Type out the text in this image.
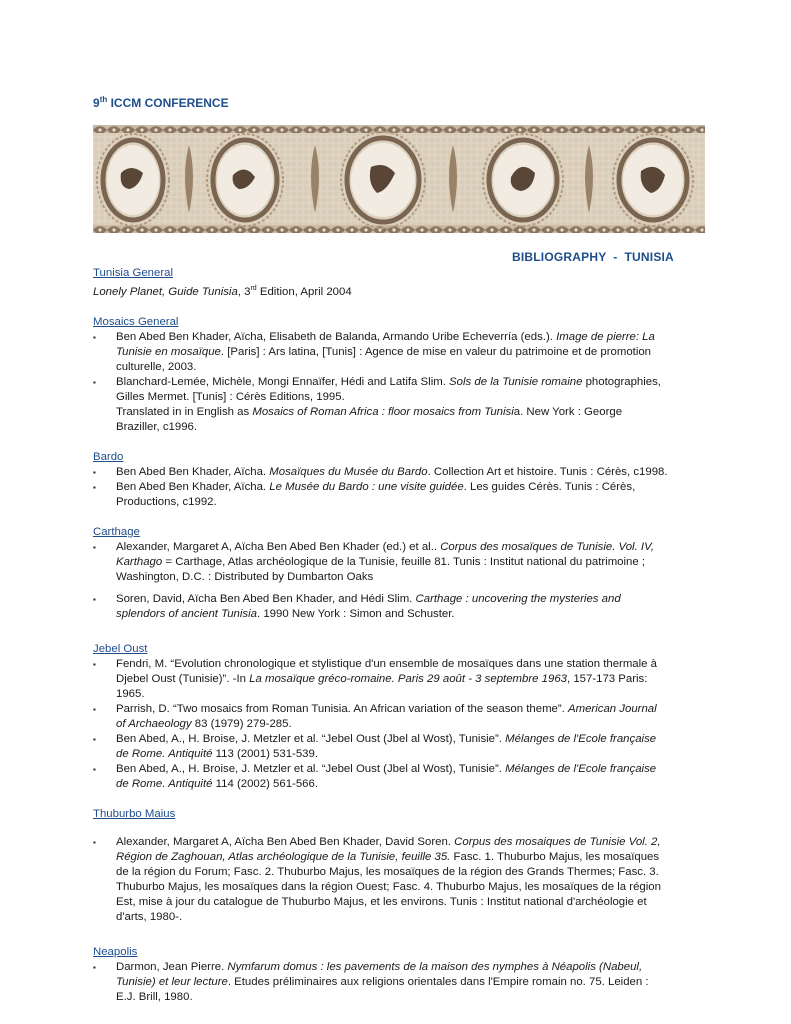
9th ICCM CONFERENCE
BIBLIOGRAPHY  -  TUNISIA
Tunisia General
Lonely Planet, Guide Tunisia, 3rd Edition, April 2004
Mosaics General
▪ Ben Abed Ben Khader, Aïcha, Elisabeth de Balanda, Armando Uribe Echeverría (eds.). Image de pierre: La Tunisie en mosaïque. [Paris] : Ars latina, [Tunis] : Agence de mise en valeur du patrimoine et de promotion culturelle, 2003.
▪ Blanchard-Lemée, Michèle, Mongi Ennaïfer, Hédi and Latifa Slim. Sols de la Tunisie romaine photographies, Gilles Mermet. [Tunis] : Cérès Editions, 1995.
Translated in in English as Mosaics of Roman Africa : floor mosaics from Tunisia. New York : George Braziller, c1996.
Bardo
▪ Ben Abed Ben Khader, Aïcha. Mosaïques du Musée du Bardo. Collection Art et histoire. Tunis : Cérès, c1998.
▪ Ben Abed Ben Khader, Aïcha. Le Musée du Bardo : une visite guidée. Les guides Cérès. Tunis : Cérès, Productions, c1992.
Carthage
▪ Alexander, Margaret A, Aïcha Ben Abed Ben Khader (ed.) et al.. Corpus des mosaïques de Tunisie. Vol. IV, Karthago = Carthage, Atlas archéologique de la Tunisie, feuille 81. Tunis : Institut national du patrimoine ; Washington, D.C. : Distributed by Dumbarton Oaks
▪ Soren, David, Aïcha Ben Abed Ben Khader, and Hédi Slim. Carthage : uncovering the mysteries and splendors of ancient Tunisia. 1990 New York : Simon and Schuster.
Jebel Oust
▪ Fendri, M. “Evolution chronologique et stylistique d'un ensemble de mosaïques dans une station thermale à Djebel Oust (Tunisie)”. -In La mosaïque gréco-romaine. Paris 29 août - 3 septembre 1963, 157-173 Paris: 1965.
▪ Parrish, D. “Two mosaics from Roman Tunisia. An African variation of the season theme”. American Journal of Archaeology 83 (1979) 279-285.
▪ Ben Abed, A., H. Broise, J. Metzler et al. “Jebel Oust (Jbel al Wost), Tunisie”. Mélanges de l'Ecole française de Rome. Antiquité 113 (2001) 531-539.
▪ Ben Abed, A., H. Broise, J. Metzler et al. “Jebel Oust (Jbel al Wost), Tunisie”. Mélanges de l'Ecole française de Rome. Antiquité 114 (2002) 561-566.
Thuburbo Maius
▪ Alexander, Margaret A, Aïcha Ben Abed Ben Khader, David Soren. Corpus des mosaiques de Tunisie Vol. 2, Région de Zaghouan, Atlas archéologique de la Tunisie, feuille 35. Fasc. 1. Thuburbo Majus, les mosaïques de la région du Forum; Fasc. 2. Thuburbo Majus, les mosaïques de la région des Grands Thermes; Fasc. 3. Thuburbo Majus, les mosaïques dans la région Ouest; Fasc. 4. Thuburbo Majus, les mosaïques de la région Est, mise à jour du catalogue de Thuburbo Majus, et les environs. Tunis : Institut national d'archéologie et d'arts, 1980-.
Neapolis
▪ Darmon, Jean Pierre. Nymfarum domus : les pavements de la maison des nymphes à Néapolis (Nabeul, Tunisie) et leur lecture. Etudes préliminaires aux religions orientales dans l'Empire romain no. 75. Leiden : E.J. Brill, 1980.
